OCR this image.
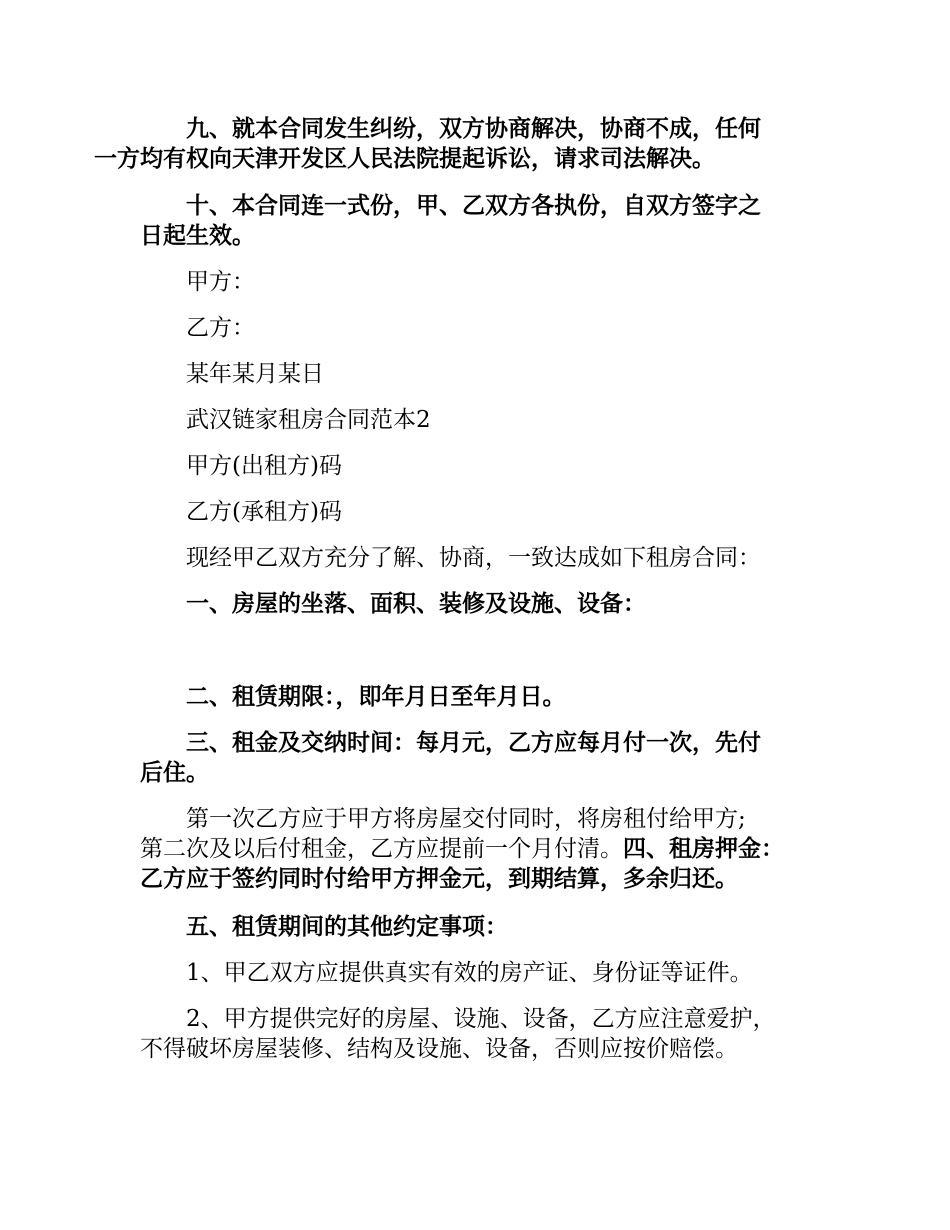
九、就本合同发生纠纷，双方协商解决，协商不成，任何
一方均有权向天津开发区人民法院提起诉讼，请求司法解决。

十、本合同连一式份，甲、乙双方各执份，自双方签字之
日起生效。

甲方：

乙方：

某年某月某日

武汉链家租房合同范本2

甲方(出租方)码

乙方(承租方)码

现经甲乙双方充分了解、协商，一致达成如下租房合同：

一、房屋的坐落、面积、装修及设施、设备：

二、租赁期限：，即年月日至年月日。

三、租金及交纳时间：每月元，乙方应每月付一次，先付
后住。

第一次乙方应于甲方将房屋交付同时，将房租付给甲方;
第二次及以后付租金，乙方应提前一个月付清。四、租房押金：
乙方应于签约同时付给甲方押金元，到期结算，多余归还。

五、租赁期间的其他约定事项：

1、甲乙双方应提供真实有效的房产证、身份证等证件。

2、甲方提供完好的房屋、设施、设备，乙方应注意爱护，
不得破坏房屋装修、结构及设施、设备，否则应按价赔偿。
